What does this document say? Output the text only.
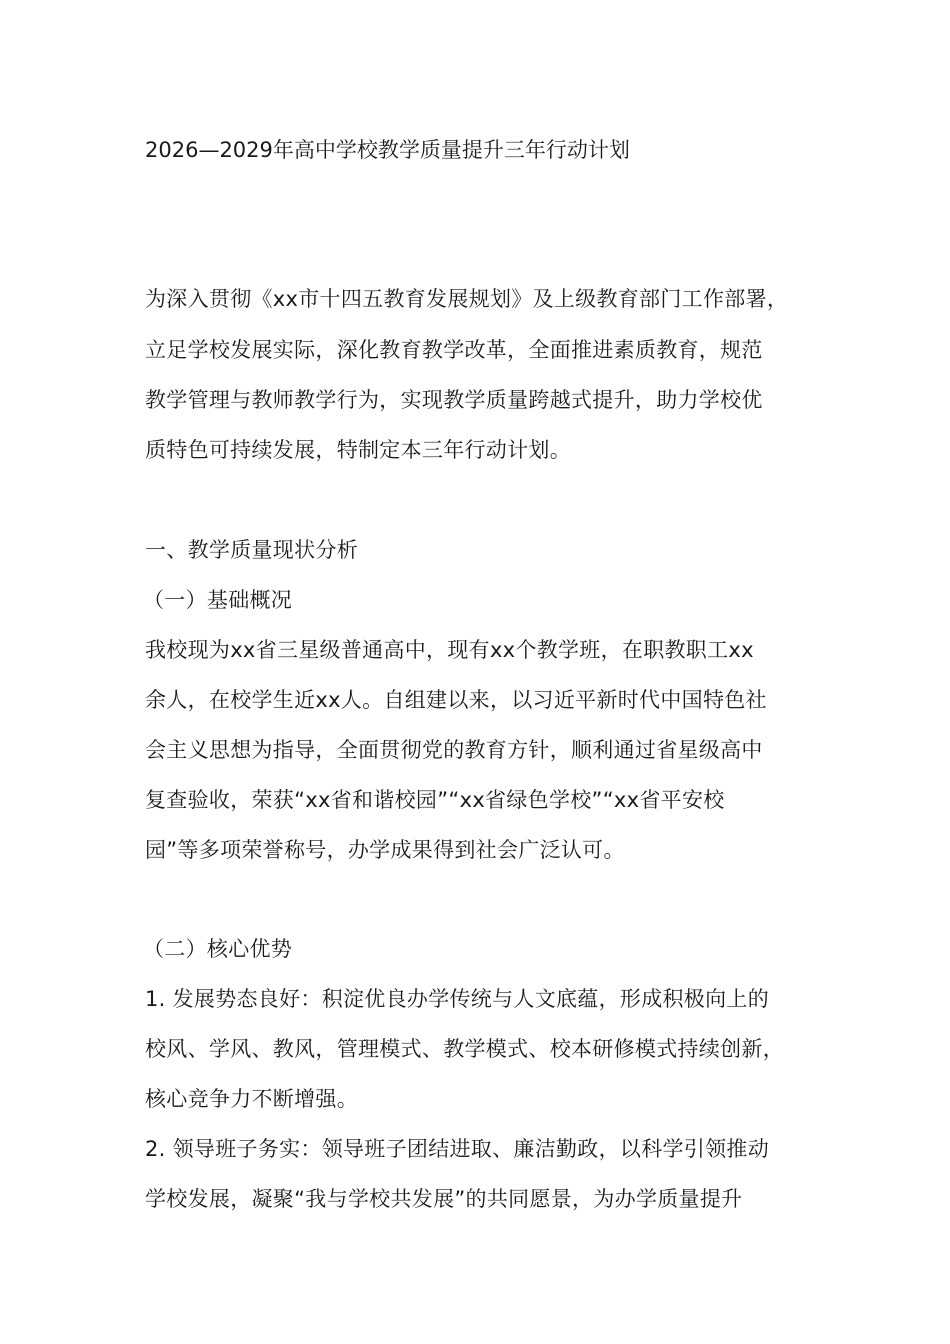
2026—2029年高中学校教学质量提升三年行动计划
为深入贯彻《xx市十四五教育发展规划》及上级教育部门工作部署，
立足学校发展实际，深化教育教学改革，全面推进素质教育，规范
教学管理与教师教学行为，实现教学质量跨越式提升，助力学校优
质特色可持续发展，特制定本三年行动计划。
一、教学质量现状分析
（一）基础概况
我校现为xx省三星级普通高中，现有xx个教学班，在职教职工xx
余人，在校学生近xx人。自组建以来，以习近平新时代中国特色社
会主义思想为指导，全面贯彻党的教育方针，顺利通过省星级高中
复查验收，荣获“xx省和谐校园”“xx省绿色学校”“xx省平安校
园”等多项荣誉称号，办学成果得到社会广泛认可。
（二）核心优势
1. 发展势态良好：积淀优良办学传统与人文底蕴，形成积极向上的
校风、学风、教风，管理模式、教学模式、校本研修模式持续创新，
核心竞争力不断增强。
2. 领导班子务实：领导班子团结进取、廉洁勤政，以科学引领推动
学校发展，凝聚“我与学校共发展”的共同愿景，为办学质量提升
